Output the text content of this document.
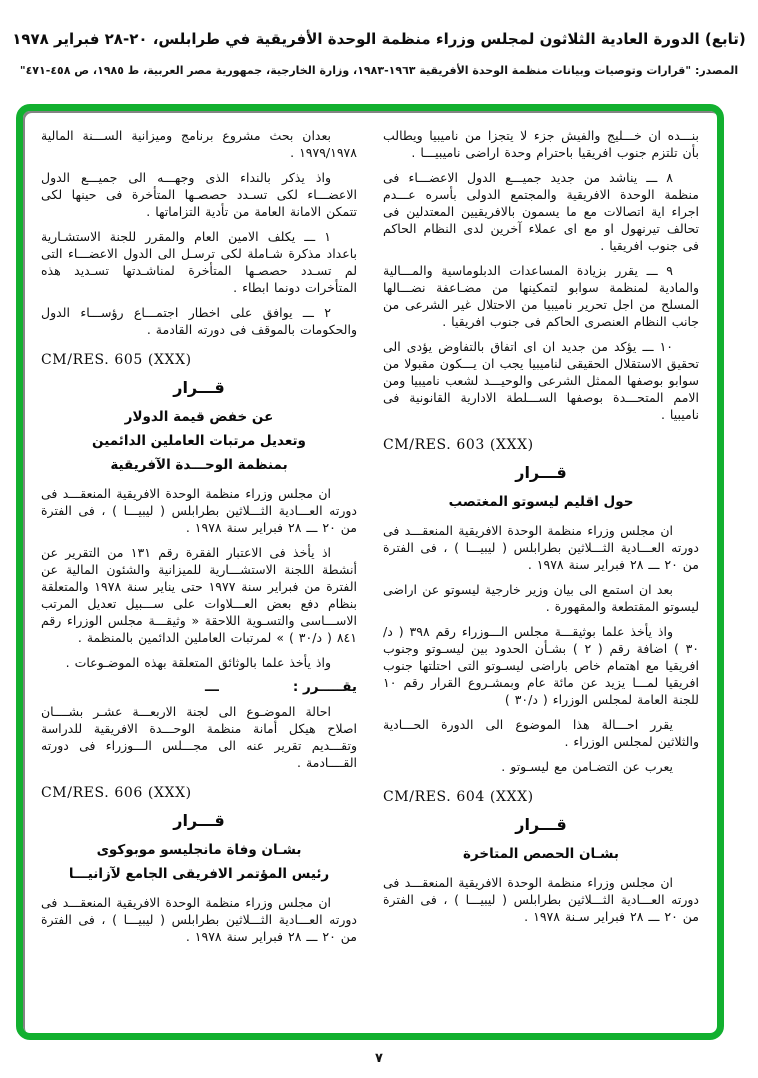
(تابع) الدورة العادية الثلاثون لمجلس وزراء منظمة الوحدة الأفريقية في طرابلس، ٢٠-٢٨ فبراير ١٩٧٨
المصدر: "قرارات وتوصيات وبيانات منظمة الوحدة الأفريقية ١٩٦٣-١٩٨٣، وزارة الخارجية، جمهورية مصر العربية، ط ١٩٨٥، ص ٤٥٨-٤٧١"
بنـــده ان خـــليج والفيش جزء لا يتجزا من ناميبيا ويطالب بأن تلتزم جنوب افريقيا باحترام وحدة اراضى ناميبيـــا .
٨ ـــ يناشد من جديد جميـــع الدول الاعضـــاء فى منظمة الوحدة الافريقية والمجتمع الدولى بأسره عـــدم اجراء اية اتصالات مع ما يسمون بالافريقيين المعتدلين فى تحالف تيرنهول او مع اى عملاء آخرين لدى النظام الحاكم فى جنوب افريقيا .
٩ ـــ يقرر بزيادة المساعدات الدبلوماسية والمـــالية والمادية لمنظمة سوابو لتمكينها من مضـاعفة نضـــالها المسلح من اجل تحرير ناميبيا من الاحتلال غير الشرعى من جانب النظام العنصرى الحاكم فى جنوب افريقيا .
١٠ ـــ يؤكد من جديد ان اى اتفاق بالتفاوض يؤدى الى تحقيق الاستقلال الحقيقى لناميبيا يجب ان يـــكون مقبولا من سوابو بوصفها الممثل الشرعى والوحيـــد لشعب ناميبيا ومن الامم المتحـــدة بوصفها الســـلطة الادارية القانونية فى ناميبيا .
CM/RES. 603 (XXX)
قـــرار
حول اقليم ليسوتو المغتصب
ان مجلس وزراء منظمة الوحدة الافريقية المنعقـــد فى دورته العـــادية الثـــلاثين بطرابلس ( ليبيـــا ) ، فى الفترة من ٢٠ ـــ ٢٨ فبراير سنة ١٩٧٨ .
بعد ان استمع الى بيان وزير خارجية ليسوتو عن اراضى ليسوتو المقتطعة والمقهورة .
واذ يأخذ علما بوثيقـــة مجلس الـــوزراء رقم ٣٩٨ ( د/٣٠ ) اضافة رقم ( ٢ ) بشـأن الحدود بين ليسـوتو وجنوب افريقيا مع اهتمام خاص باراضى ليسـوتو التى احتلتها جنوب افريقيا لمـــا يزيد عن مائة عام وبمشـروع القرار رقم ١٠ للجنة العامة لمجلس الوزراء ( د/٣٠ )
يقرر احـــالة هذا الموضوع الى الدورة الحـــادية والثلاثين لمجلس الوزراء .
يعرب عن التضـامن مع ليسـوتو .
CM/RES. 604 (XXX)
قـــرار
بشـان الحصص المتاخرة
ان مجلس وزراء منظمة الوحدة الافريقية المنعقـــد فى دورته العـــادية الثـــلاثين بطرابلس ( ليبيـــا ) ، فى الفترة من ٢٠ ـــ ٢٨ فبراير سـنة ١٩٧٨ .
بعدان بحث مشروع برنامج وميزانية الســـنة المالية ١٩٧٩/١٩٧٨ .
واذ يذكر بالنداء الذى وجهـــه الى جميـــع الدول الاعضـــاء لكى تسـدد حصصـها المتأخرة فى حينها لكى تتمكن الامانة العامة من تأدية التزاماتها .
١ ـــ يكلف الامين العام والمقرر للجنة الاستشـارية باعداد مذكرة شـاملة لكى ترسـل الى الدول الاعضـــاء التى لم تسـدد حصصـها المتأخرة لمناشـدتها تسـديد هذه المتأخرات دونما ابطاء .
٢ ـــ يوافق على اخطار اجتمـــاع رؤســـاء الدول والحكومات بالموقف فى دورته القادمة .
CM/RES. 605 (XXX)
قـــرار
عن خفض قيمة الدولار
وتعديل مرتبات العاملين الدائمين
بمنظمة الوحـــدة الآفريقية
ان مجلس وزراء منظمة الوحدة الافريقية المنعقـــد فى دورته العـــادية الثـــلاثين بطرابلس ( ليبيـــا ) ، فى الفترة من ٢٠ ـــ ٢٨ فبراير سنة ١٩٧٨ .
اذ يأخذ فى الاعتبار الفقرة رقم ١٣١ من التقرير عن أنشطة اللجنة الاستشـــارية للميزانية والشئون المالية عن الفترة من فبراير سنة ١٩٧٧ حتى يناير سنة ١٩٧٨ والمتعلقة بنظام دفع بعض العـــلاوات على ســـبيل تعديل المرتب الاســـاسى والتسـوية اللاحقة « وثيقـــة مجلس الوزراء رقم ٨٤١ ( د/٣٠ ) » لمرتبات العاملين الدائمين بالمنظمة .
واذ يأخذ علما بالوثائق المتعلقة بهذه الموضـوعات .
يقـــــرر :
ـــ
احالة الموضـوع الى لجنة الاربعـــة عشـر بشــــان اصلاح هيكل أمانة منظمة الوحـــدة الافريقية للدراسة وتقـــديم تقرير عنه الى مجـــلس الـــوزراء فى دورته القــــادمة .
CM/RES. 606 (XXX)
قـــرار
بشـان وفاة مانجليسو موبوكوى
رئيس المؤتمر الافريقى الجامع لآزانيـــا
ان مجلس وزراء منظمة الوحدة الافريقية المنعقـــد فى دورته العـــادية الثـــلاثين بطرابلس ( ليبيـــا ) ، فى الفترة من ٢٠ ـــ ٢٨ فبراير سنة ١٩٧٨ .
٧
